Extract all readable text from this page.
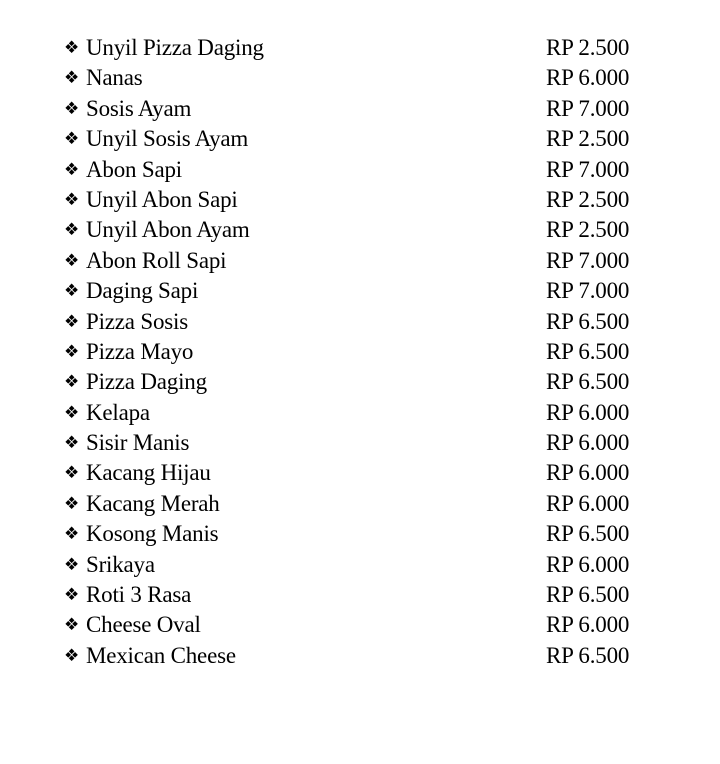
❖ Unyil Pizza Daging	RP 2.500
❖ Nanas	RP 6.000
❖ Sosis Ayam	RP 7.000
❖ Unyil Sosis Ayam	RP 2.500
❖ Abon Sapi	RP 7.000
❖ Unyil Abon Sapi	RP 2.500
❖ Unyil Abon Ayam	RP 2.500
❖ Abon Roll Sapi	RP 7.000
❖ Daging Sapi	RP 7.000
❖ Pizza Sosis	RP 6.500
❖ Pizza Mayo	RP 6.500
❖ Pizza Daging	RP 6.500
❖ Kelapa	RP 6.000
❖ Sisir Manis	RP 6.000
❖ Kacang Hijau	RP 6.000
❖ Kacang Merah	RP 6.000
❖ Kosong Manis	RP 6.500
❖ Srikaya	RP 6.000
❖ Roti 3 Rasa	RP 6.500
❖ Cheese Oval	RP 6.000
❖ Mexican Cheese	RP 6.500
